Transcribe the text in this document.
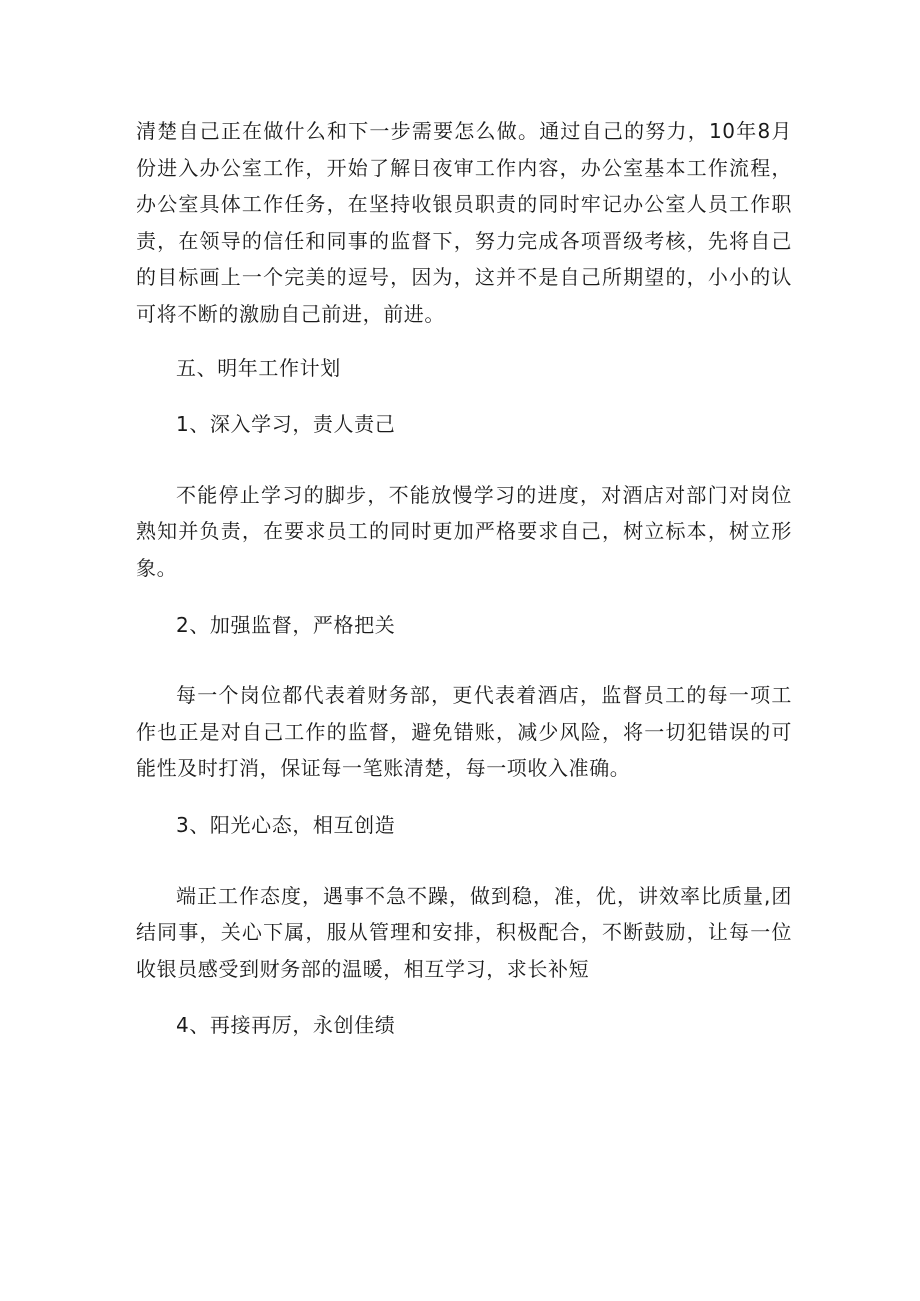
清楚自己正在做什么和下一步需要怎么做。通过自己的努力，10年8月份进入办公室工作，开始了解日夜审工作内容，办公室基本工作流程，办公室具体工作任务，在坚持收银员职责的同时牢记办公室人员工作职责，在领导的信任和同事的监督下，努力完成各项晋级考核，先将自己的目标画上一个完美的逗号，因为，这并不是自己所期望的，小小的认可将不断的激励自己前进，前进。

五、明年工作计划

1、深入学习，责人责己

不能停止学习的脚步，不能放慢学习的进度，对酒店对部门对岗位熟知并负责，在要求员工的同时更加严格要求自己，树立标本，树立形象。

2、加强监督，严格把关

每一个岗位都代表着财务部，更代表着酒店，监督员工的每一项工作也正是对自己工作的监督，避免错账，减少风险，将一切犯错误的可能性及时打消，保证每一笔账清楚，每一项收入准确。

3、阳光心态，相互创造

端正工作态度，遇事不急不躁，做到稳，准，优，讲效率比质量,团结同事，关心下属，服从管理和安排，积极配合，不断鼓励，让每一位收银员感受到财务部的温暖，相互学习，求长补短

4、再接再厉，永创佳绩
